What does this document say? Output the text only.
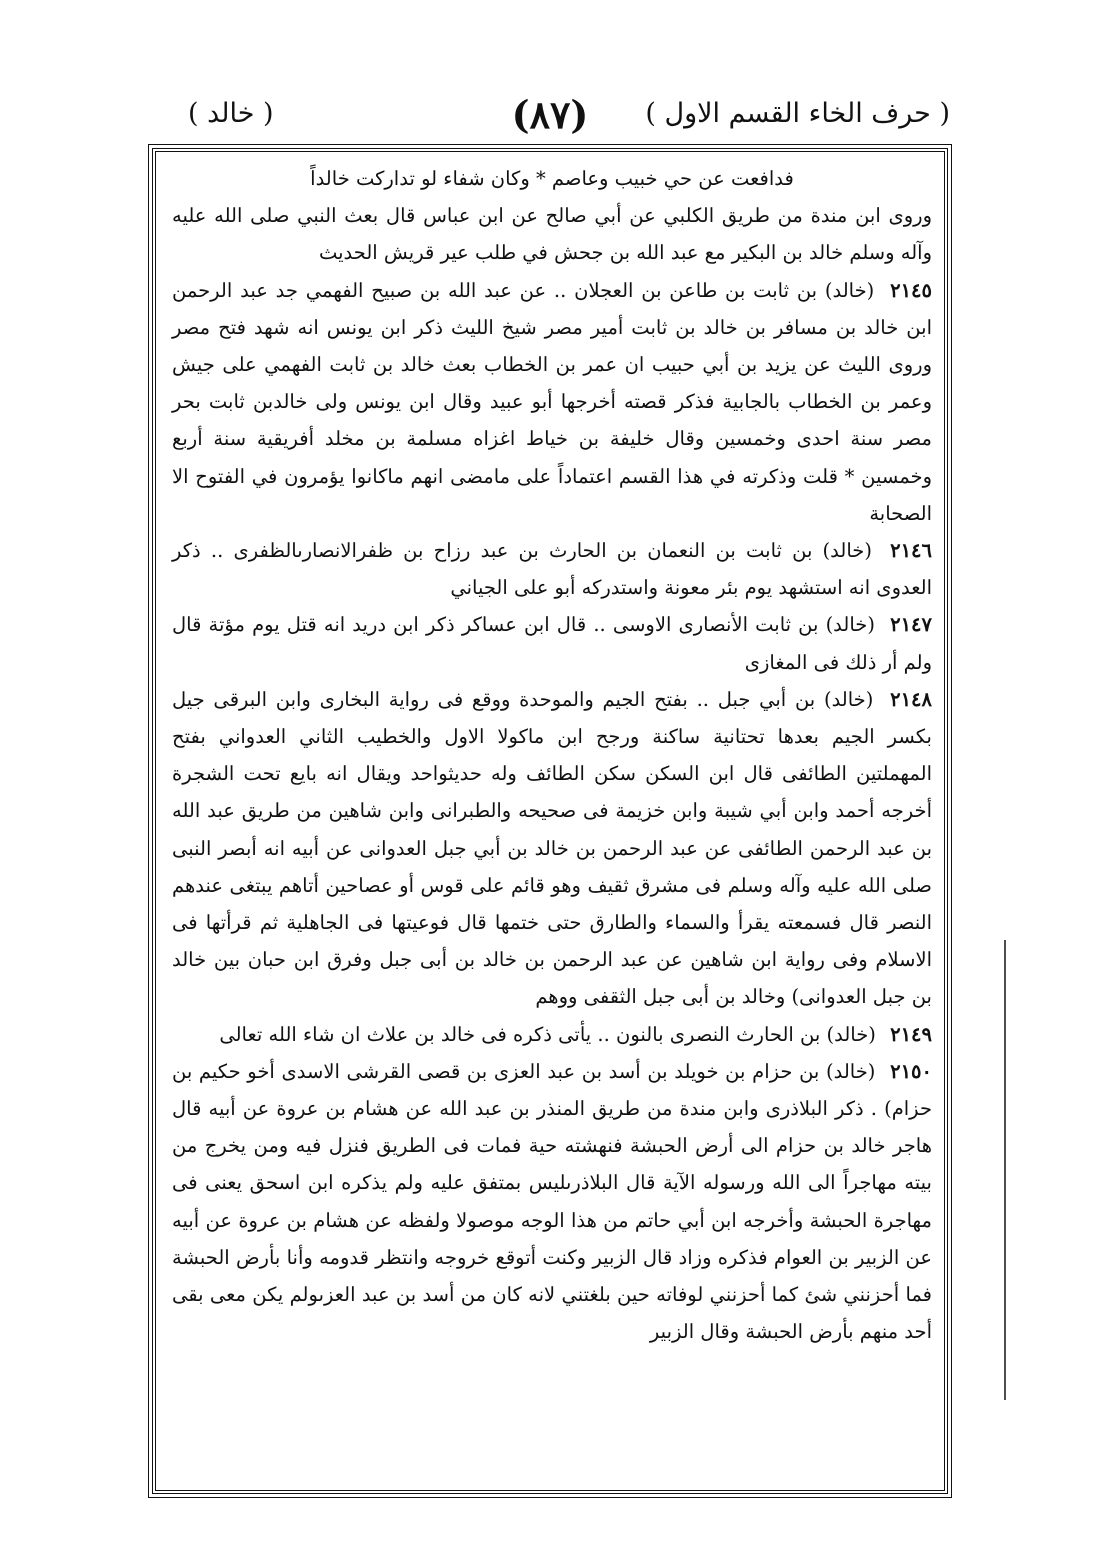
( حرف الخاء القسم الاول )
(٨٧)
( خالد )

فدافعت عن حي خبيب وعاصم * وكان شفاء لو تداركت خالداً

وروى ابن مندة من طريق الكلبي عن أبي صالح عن ابن عباس قال بعث النبي صلى الله عليه وآله وسلم خالد بن البكير مع عبد الله بن جحش في طلب عير قريش الحديث

٢١٤٥ (خالد) بن ثابت بن طاعن بن العجلان .. عن عبد الله بن صبيح الفهمي جد عبد الرحمن ابن خالد بن مسافر بن خالد بن ثابت أمير مصر شيخ الليث ذكر ابن يونس انه شهد فتح مصر وروى الليث عن يزيد بن أبي حبيب ان عمر بن الخطاب بعث خالد بن ثابت الفهمي على جيش وعمر بن الخطاب بالجابية فذكر قصته أخرجها أبو عبيد وقال ابن يونس ولى خالدبن ثابت بحر مصر سنة احدى وخمسين وقال خليفة بن خياط اغزاه مسلمة بن مخلد أفريقية سنة أربع وخمسين * قلت وذكرته في هذا القسم اعتماداً على مامضى انهم ماكانوا يؤمرون في الفتوح الا الصحابة

٢١٤٦ (خالد) بن ثابت بن النعمان بن الحارث بن عبد رزاح بن ظفرالانصارىالظفرى .. ذكر العدوى انه استشهد يوم بئر معونة واستدركه أبو على الجياني

٢١٤٧ (خالد) بن ثابت الأنصارى الاوسى .. قال ابن عساكر ذكر ابن دريد انه قتل يوم مؤتة قال ولم أر ذلك فى المغازى

٢١٤٨ (خالد) بن أبي جبل .. بفتح الجيم والموحدة ووقع فى رواية البخارى وابن البرقى جيل بكسر الجيم بعدها تحتانية ساكنة ورجح ابن ماكولا الاول والخطيب الثاني العدواني بفتح المهملتين الطائفى قال ابن السكن سكن الطائف وله حديثواحد ويقال انه بايع تحت الشجرة أخرجه أحمد وابن أبي شيبة وابن خزيمة فى صحيحه والطبرانى وابن شاهين من طريق عبد الله بن عبد الرحمن الطائفى عن عبد الرحمن بن خالد بن أبي جبل العدوانى عن أبيه انه أبصر النبى صلى الله عليه وآله وسلم فى مشرق ثقيف وهو قائم على قوس أو عصاحين أتاهم يبتغى عندهم النصر قال فسمعته يقرأ والسماء والطارق حتى ختمها قال فوعيتها فى الجاهلية ثم قرأتها فى الاسلام وفى رواية ابن شاهين عن عبد الرحمن بن خالد بن أبى جبل وفرق ابن حبان بين خالد بن جبل العدوانى) وخالد بن أبى جبل الثقفى ووهم

٢١٤٩ (خالد) بن الحارث النصرى بالنون .. يأتى ذكره فى خالد بن علاث ان شاء الله تعالى

٢١٥٠ (خالد) بن حزام بن خويلد بن أسد بن عبد العزى بن قصى القرشى الاسدى أخو حكيم بن حزام) . ذكر البلاذرى وابن مندة من طريق المنذر بن عبد الله عن هشام بن عروة عن أبيه قال هاجر خالد بن حزام الى أرض الحبشة فنهشته حية فمات فى الطريق فنزل فيه ومن يخرج من بيته مهاجراً الى الله ورسوله الآية قال البلاذرىليس بمتفق عليه ولم يذكره ابن اسحق يعنى فى مهاجرة الحبشة وأخرجه ابن أبي حاتم من هذا الوجه موصولا ولفظه عن هشام بن عروة عن أبيه عن الزبير بن العوام فذكره وزاد قال الزبير وكنت أتوقع خروجه وانتظر قدومه وأنا بأرض الحبشة فما أحزنني شئ كما أحزنني لوفاته حين بلغتني لانه كان من أسد بن عبد العزىولم يكن معى بقى أحد منهم بأرض الحبشة وقال الزبير
